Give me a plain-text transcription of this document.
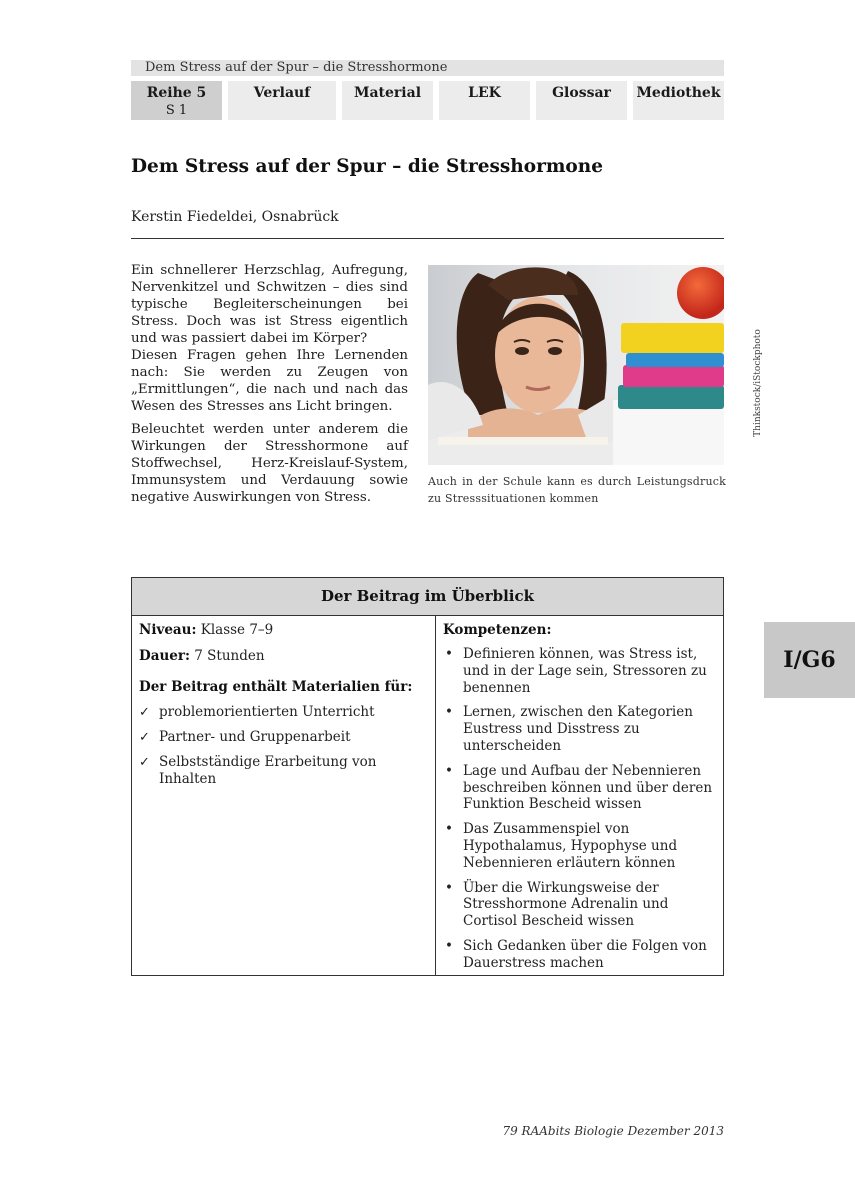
Dem Stress auf der Spur – die Stresshormone
Reihe 5
S 1
Verlauf	Material	LEK	Glossar	Mediothek
Dem Stress auf der Spur – die Stresshormone
Kerstin Fiedeldei, Osnabrück

Ein schnellerer Herzschlag, Aufregung, Nervenkitzel und Schwitzen – dies sind typische Begleiterscheinungen bei Stress. Doch was ist Stress eigentlich und was passiert dabei im Körper?

Diesen Fragen gehen Ihre Lernenden nach: Sie werden zu Zeugen von „Ermittlungen“, die nach und nach das Wesen des Stresses ans Licht bringen.

Beleuchtet werden unter anderem die Wirkungen der Stresshormone auf Stoffwechsel, Herz-Kreislauf-System, Immunsystem und Verdauung sowie negative Auswirkungen von Stress.

Thinkstock/iStockphoto
Auch in der Schule kann es durch Leistungsdruck zu Stresssituationen kommen
Der Beitrag im Überblick

Niveau: Klasse 7–9

Dauer: 7 Stunden

Der Beitrag enthält Materialien für:
✓ problemorientierten Unterricht
✓ Partner- und Gruppenarbeit
✓ Selbstständige Erarbeitung von Inhalten
Kompetenzen:
• Definieren können, was Stress ist, und in der Lage sein, Stressoren zu benennen
• Lernen, zwischen den Kategorien Eustress und Disstress zu unterscheiden
• Lage und Aufbau der Nebennieren beschreiben können und über deren Funktion Bescheid wissen
• Das Zusammenspiel von Hypothalamus, Hypophyse und Nebennieren erläutern können
• Über die Wirkungsweise der Stresshormone Adrenalin und Cortisol Bescheid wissen
• Sich Gedanken über die Folgen von Dauerstress machen
I/G6
79 RAAbits Biologie Dezember 2013
